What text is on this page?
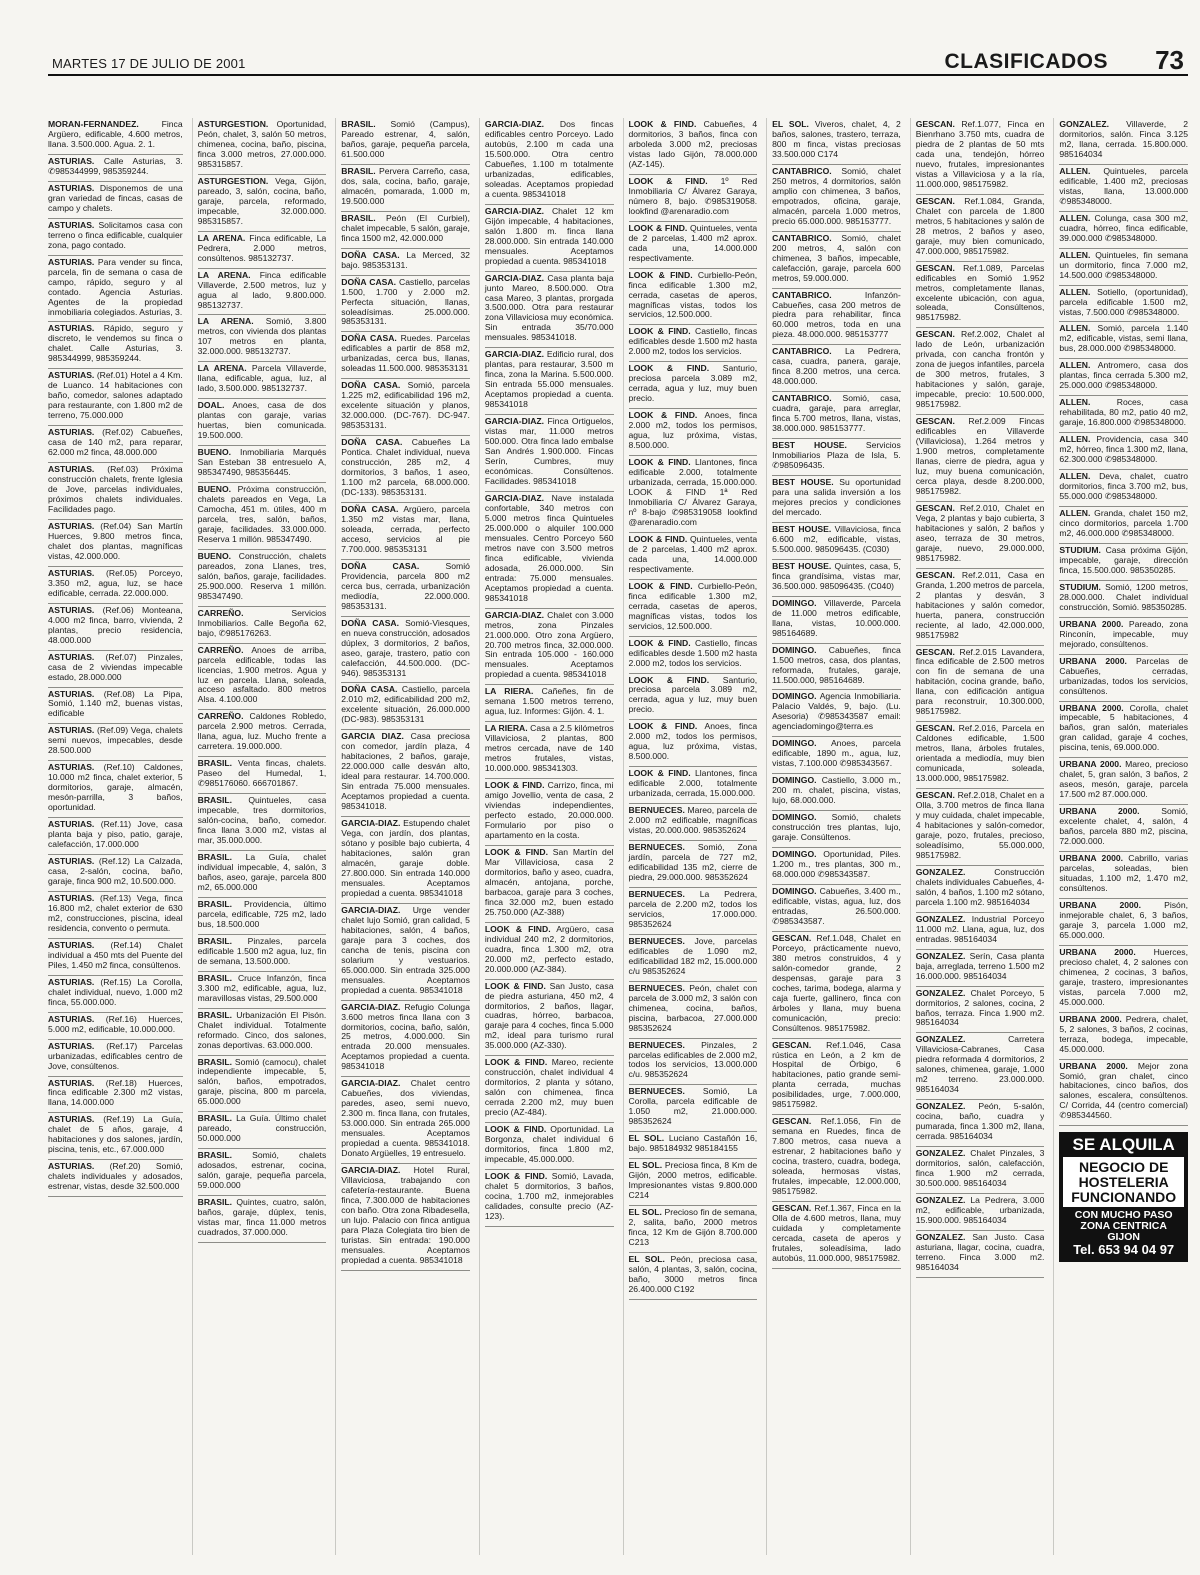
MARTES 17 DE JULIO DE 2001	CLASIFICADOS 73

MORAN-FERNANDEZ.	Finca Argüero, edificable, 4.600 metros, llana. 3.500.000. Agua. 2. 1.

ASTURIAS. Calle Asturias, 3. ✆985344999, 985359244.

ASTURIAS. Disponemos de una gran variedad de fincas, casas de campo y chalets.

ASTURIAS. Solicitamos casa con terreno o finca edificable, cualquier zona, pago contado.

ASTURIAS. Para vender su finca, parcela, fin de semana o casa de campo, rápido, seguro y al contado. Agencia Asturias. Agentes de la propiedad inmobiliaria colegiados. Asturias, 3.

ASTURIAS. Rápido, seguro y discreto, le vendemos su finca o chalet. Calle Asturias, 3. 985344999, 985359244.

ASTURIAS. (Ref.01) Hotel a 4 Km. de Luanco. 14 habitaciones con baño, comedor, salones adaptado para restaurante, con 1.800 m2 de terreno, 75.000.000

ASTURIAS. (Ref.02) Cabueñes, casa de 140 m2, para reparar, 62.000 m2 finca, 48.000.000

ASTURIAS. (Ref.03) Próxima construcción chalets, frente Iglesia de Jove, parcelas individuales, próximos chalets individuales. Facilidades pago.

ASTURIAS. (Ref.04) San Martín Huerces, 9.800 metros finca, chalet dos plantas, magníficas vistas, 42.000.000.

ASTURIAS. (Ref.05) Porceyo, 3.350 m2, agua, luz, se hace edificable, cerrada. 22.000.000.

ASTURIAS. (Ref.06) Monteana, 4.000 m2 finca, barro, vivienda, 2 plantas, precio residencia, 48.000.000

ASTURIAS. (Ref.07) Pinzales, casa de 2 viviendas impecable estado, 28.000.000

ASTURIAS. (Ref.08) La Pipa, Somió, 1.140 m2, buenas vistas, edificable

ASTURIAS. (Ref.09) Vega, chalets semi nuevos, impecables, desde 28.500.000

ASTURIAS. (Ref.10) Caldones, 10.000 m2 finca, chalet exterior, 5 dormitorios, garaje, almacén, mesón-parrilla, 3 baños, oportunidad.

ASTURIAS. (Ref.11) Jove, casa planta baja y piso, patio, garaje, calefacción, 17.000.000

ASTURIAS. (Ref.12) La Calzada, casa, 2-salón, cocina, baño, garaje, finca 900 m2, 10.500.000.

ASTURIAS. (Ref.13) Vega, finca 16.800 m2, chalet exterior de 630 m2, construcciones, piscina, ideal residencia, convento o permuta.

ASTURIAS. (Ref.14) Chalet individual a 450 mts del Puente del Piles, 1.450 m2 finca, consúltenos.

ASTURIAS. (Ref.15) La Corolla, chalet individual, nuevo, 1.000 m2 finca, 55.000.000.

ASTURIAS. (Ref.16) Huerces, 5.000 m2, edificable, 10.000.000.

ASTURIAS. (Ref.17) Parcelas urbanizadas, edificables centro de Jove, consúltenos.

ASTURIAS. (Ref.18) Huerces, finca edificable 2.300 m2 vistas, llana, 14.000.000

ASTURIAS. (Ref.19) La Guía, chalet de 5 años, garaje, 4 habitaciones y dos salones, jardín, piscina, tenis, etc., 67.000.000

ASTURIAS. (Ref.20) Somió, chalets individuales y adosados, estrenar, vistas, desde 32.500.000

ASTURGESTION. Oportunidad, Peón, chalet, 3, salón 50 metros, chimenea, cocina, baño, piscina, finca 3.000 metros, 27.000.000. 985315857.

ASTURGESTION. Vega, Gijón, pareado, 3, salón, cocina, baño, garaje, parcela, reformado, impecable, 32.000.000. 985315857.

LA ARENA. Finca edificable, La Pedrera, 2.000 metros, consúltenos. 985132737.

LA ARENA. Finca edificable Villaverde, 2.500 metros, luz y agua al lado, 9.800.000. 985132737.

LA ARENA. Somió, 3.800 metros, con vivienda dos plantas 107 metros en planta, 32.000.000. 985132737.

LA ARENA. Parcela Villaverde, llana, edificable, agua, luz, al lado, 3.500.000. 985132737.

DOAL. Anoes, casa de dos plantas con garaje, varias huertas, bien comunicada. 19.500.000.

BUENO. Inmobiliaria Marqués San Esteban 38 entresuelo A, 985347490, 985356445.

BUENO. Próxima construcción, chalets pareados en Vega, La Camocha, 451 m. útiles, 400 m parcela, tres, salón, baños, garaje, facilidades. 33.000.000. Reserva 1 millón. 985347490.

BUENO. Construcción, chalets pareados, zona Llanes, tres, salón, baños, garaje, facilidades. 25.900.000. Reserva 1 millón. 985347490.

CARREÑO.	Servicios Inmobiliarios. Calle Begoña 62, bajo, ✆985176263.

CARREÑO. Anoes de arriba, parcela edificable, todas las licencias, 1.900 metros. Agua y luz en parcela. Llana, soleada, acceso asfaltado. 800 metros Alsa. 4.100.000

CARREÑO. Caldones Robledo, parcela 2.900 metros. Cerrada, llana, agua, luz. Mucho frente a carretera. 19.000.000.

BRASIL. Venta fincas, chalets. Paseo del Humedal, 1, ✆985176060. 666701867.

BRASIL. Quintueles, casa impecable, tres dormitorios, salón-cocina, baño, comedor. finca llana 3.000 m2, vistas al mar, 35.000.000.

BRASIL. La Guía, chalet individual impecable, 4, salón, 3 baños, aseo, garaje, parcela 800 m2, 65.000.000

BRASIL. Providencia, último parcela, edificable, 725 m2, lado bus, 18.500.000

BRASIL. Pinzales, parcela edificable 1.500 m2 agua, luz, fin de semana, 13.500.000.

BRASIL. Cruce Infanzón, finca 3.300 m2, edificable, agua, luz, maravillosas vistas, 29.500.000

BRASIL. Urbanización El Pisón. Chalet individual. Totalmente reformado. Cinco, dos salones, zonas deportivas. 63.000.000.

BRASIL. Somió (camocu), chalet independiente impecable, 5, salón, baños, empotrados, garaje, piscina, 800 m parcela, 65.000.000

BRASIL. La Guía. Último chalet pareado, construcción, 50.000.000

BRASIL. Somió, chalets adosados, estrenar, cocina, salón, garaje, pequeña parcela, 59.000.000

BRASIL. Quintes, cuatro, salón, baños, garaje, dúplex, tenis, vistas mar, finca 11.000 metros cuadrados, 37.000.000.

BRASIL. Somió (Campus), Pareado estrenar, 4, salón, baños, garaje, pequeña parcela, 61.500.000

BRASIL. Pervera Carreño, casa, dos, sala, cocina, baño, garaje, almacén, pomarada, 1.000 m, 19.500.000

BRASIL. Peón (El Curbiel), chalet impecable, 5 salón, garaje, finca 1500 m2, 42.000.000

DOÑA CASA. La Merced, 32 bajo. 985353131.

DOÑA CASA. Castiello, parcelas 1.500, 1.700 y 2.000 m2. Perfecta situación, llanas, soleadísimas. 25.000.000. 985353131.

DOÑA CASA. Ruedes. Parcelas edificables a partir de 858 m2, urbanizadas, cerca bus, llanas, soleadas 11.500.000. 985353131

DOÑA CASA. Somió, parcela 1.225 m2, edificabilidad 196 m2, excelente situación y planos, 32.000.000. (DC-767). DC-947. 985353131.

DOÑA CASA. Cabueñes La Pontica. Chalet individual, nueva construcción, 285 m2, 4 dormitorios, 3 baños, 1 aseo, 1.100 m2 parcela, 68.000.000. (DC-133). 985353131.

DOÑA CASA. Argüero, parcela 1.350 m2 vistas mar, llana, soleada, cerrada, perfecto acceso, servicios al pie 7.700.000. 985353131

DOÑA CASA.	Somió Providencia, parcela 800 m2 cerca bus, cerrada, urbanización mediodía, 22.000.000. 985353131.

DOÑA CASA. Somió-Viesques, en nueva construcción, adosados dúplex, 3 dormitorios, 2 baños, aseo, garaje, trastero, patio con calefacción, 44.500.000. (DC-946). 985353131

DOÑA CASA. Castiello, parcela 2.010 m2, edificabilidad 200 m2, excelente situación, 26.000.000 (DC-983). 985353131

GARCIA DIAZ. Casa preciosa con comedor, jardín plaza, 4 habitaciones, 2 baños, garaje, 22.000.000 calle desván alto, ideal para restaurar. 14.700.000. Sin entrada 75.000 mensuales. Aceptamos propiedad a cuenta. 985341018.

GARCIA-DIAZ. Estupendo chalet Vega, con jardín, dos plantas, sótano y posible bajo cubierta, 4 habitaciones, salón gran almacén, garaje doble. 27.800.000. Sin entrada 140.000 mensuales. Aceptamos propiedad a cuenta. 985341018

GARCIA-DIAZ. Urge vender chalet lujo Somió, gran calidad, 5 habitaciones, salón, 4 baños, garaje para 3 coches, dos cancha de tenis, piscina con solarium y vestuarios. 65.000.000. Sin entrada 325.000 mensuales. Aceptamos propiedad a cuenta. 985341018

GARCIA-DIAZ. Refugio Colunga 3.600 metros finca llana con 3 dormitorios, cocina, baño, salón, 25 metros, 4.000.000. Sin entrada 20.000 mensuales. Aceptamos propiedad a cuenta. 985341018

GARCIA-DIAZ. Chalet centro Cabueñes, dos viviendas, paredes, aseo, semi nuevo, 2.300 m. finca llana, con frutales, 53.000.000. Sin entrada 265.000 mensuales. Aceptamos propiedad a cuenta. 985341018. Donato Argüelles, 19 entresuelo.

GARCIA-DIAZ. Hotel Rural, Villaviciosa, trabajando con cafetería-restaurante. Buena finca, 7.300.000 de habitaciones con baño. Otra zona Ribadesella, un lujo. Palacio con finca antigua para Plaza Colegiata tiro bien de turistas. Sin entrada: 190.000 mensuales. Aceptamos propiedad a cuenta. 985341018

GARCIA-DIAZ. Dos fincas edificables centro Porceyo. Lado autobús, 2.100 m cada una 15.500.000. Otra centro Cabueñes, 1.100 m totalmente urbanizadas, edificables, soleadas. Aceptamos propiedad a cuenta. 985341018

GARCIA-DIAZ. Chalet 12 km Gijón impecable, 4 habitaciones, salón 1.800 m. finca llana 28.000.000. Sin entrada 140.000 mensuales. Aceptamos propiedad a cuenta. 985341018

GARCIA-DIAZ. Casa planta baja junto Mareo, 8.500.000. Otra casa Mareo, 3 plantas, prorgada 3.500.000. Otra para restaurar zona Villaviciosa muy económica. Sin entrada 35/70.000 mensuales. 985341018.

GARCIA-DIAZ. Edificio rural, dos plantas, para restaurar, 3.500 m finca, zona la Marina. 5.500.000. Sin entrada 55.000 mensuales. Aceptamos propiedad a cuenta. 985341018

GARCIA-DIAZ. Finca Ortiguelos, vistas mar, 11.000 metros 500.000. Otra finca lado embalse San Andrés 1.900.000. Fincas Serín, Cumbres, muy económicas. Consúltenos. Facilidades. 985341018

GARCIA-DIAZ. Nave instalada confortable, 340 metros con 5.000 metros finca Quintueles 25.000.000 o alquiler 100.000 mensuales. Centro Porceyo 560 metros nave con 3.500 metros finca edificable, vivienda adosada, 26.000.000. Sin entrada: 75.000 mensuales. Aceptamos propiedad a cuenta. 985341018

GARCIA-DIAZ. Chalet con 3.000 metros, zona Pinzales 21.000.000. Otro zona Argüero, 20.700 metros finca, 32.000.000. Sin entrada 105.000 - 160.000 mensuales. Aceptamos propiedad a cuenta. 985341018

LA RIERA. Cañeñes, fin de semana 1.500 metros terreno, agua, luz. Informes: Gijón. 4. 1.

LA RIERA. Casa a 2.5 kilómetros Villaviciosa, 2 plantas, 800 metros cercada, nave de 140 metros frutales, vistas, 10.000.000. 985341303.

LOOK & FIND. Carrizo, finca, mi amigo Jovellio, venta de casa, 2 viviendas independientes, perfecto estado, 20.000.000. Formulario por piso o apartamento en la costa.

LOOK & FIND. San Martín del Mar Villaviciosa, casa 2 dormitorios, baño y aseo, cuadra, almacén, antojana, porche, barbacoa, garaje para 3 coches, finca 32.000 m2, buen estado 25.750.000 (AZ-388)

LOOK & FIND. Argüero, casa individual 240 m2, 2 dormitorios, cuadra, finca 1.300 m2, otra 20.000 m2, perfecto estado, 20.000.000 (AZ-384).

LOOK & FIND. San Justo, casa de piedra asturiana, 450 m2, 4 dormitorios, 2 baños, llagar, cuadras, hórreo, barbacoa, garaje para 4 coches, finca 5.000 m2, ideal para turismo rural 35.000.000 (AZ-330).

LOOK & FIND. Mareo, reciente construcción, chalet individual 4 dormitorios, 2 planta y sótano, salón con chimenea, finca cerrada 2.200 m2, muy buen precio (AZ-484).

LOOK & FIND. Oportunidad. La Borgonza, chalet individual 6 dormitorios, finca 1.800 m2, impecable, 45.000.000.

LOOK & FIND. Somió, Lavada, chalet 5 dormitorios, 3 baños, cocina, 1.700 m2, inmejorables calidades, consulte precio (AZ-123).

LOOK & FIND. Cabueñes, 4 dormitorios, 3 baños, finca con arboleda 3.000 m2, preciosas vistas lado Gijón, 78.000.000 (AZ-145).

LOOK & FIND. 1º Red Inmobiliaria C/ Álvarez Garaya, número 8, bajo. ✆985319058. lookfind @arenaradio.com

LOOK & FIND. Quintueles, venta de 2 parcelas, 1.400 m2 aprox. cada una, 14.000.000 respectivamente.

LOOK & FIND. Curbiello-Peón, finca edificable 1.300 m2, cerrada, casetas de aperos, magníficas vistas, todos los servicios, 12.500.000.

LOOK & FIND. Castiello, fincas edificables desde 1.500 m2 hasta 2.000 m2, todos los servicios.

LOOK & FIND. Santurio, preciosa parcela 3.089 m2, cerrada, agua y luz, muy buen precio.

LOOK & FIND. Anoes, finca 2.000 m2, todos los permisos, agua, luz próxima, vistas, 8.500.000.

LOOK & FIND. Llantones, finca edificable 2.000, totalmente urbanizada, cerrada, 15.000.000. LOOK & FIND 1ª Red Inmobiliaria C/ Álvarez Garaya, nº 8-bajo ✆985319058 lookfind @arenaradio.com

LOOK & FIND. Quintueles, venta de 2 parcelas, 1.400 m2 aprox. cada una, 14.000.000 respectivamente.

LOOK & FIND. Curbiello-Peón, finca edificable 1.300 m2, cerrada, casetas de aperos, magníficas vistas, todos los servicios, 12.500.000.

LOOK & FIND. Castiello, fincas edificables desde 1.500 m2 hasta 2.000 m2, todos los servicios.

LOOK & FIND. Santurio, preciosa parcela 3.089 m2, cerrada, agua y luz, muy buen precio.

LOOK & FIND. Anoes, finca 2.000 m2, todos los permisos, agua, luz próxima, vistas, 8.500.000.

LOOK & FIND. Llantones, finca edificable 2.000, totalmente urbanizada, cerrada, 15.000.000.

BERNUECES. Mareo, parcela de 2.000 m2 edificable, magníficas vistas, 20.000.000. 985352624

BERNUECES. Somió, Zona jardín, parcela de 727 m2, edificabilidad 135 m2, cierre de piedra, 29.000.000. 985352624

BERNUECES. La Pedrera, parcela de 2.200 m2, todos los servicios, 17.000.000. 985352624

BERNUECES. Jove, parcelas edificables de 1.090 m2, edificabilidad 182 m2, 15.000.000 c/u 985352624

BERNUECES. Peón, chalet con parcela de 3.000 m2, 3 salón con chimenea, cocina, baños, piscina, barbacoa, 27.000.000 985352624

BERNUECES. Pinzales, 2 parcelas edificables de 2.000 m2, todos los servicios, 13.000.000 c/u. 985352624

BERNUECES. Somió, La Corolla, parcela edificable de 1.050 m2, 21.000.000. 985352624

EL SOL. Luciano Castañón 16, bajo. 985184932 985184155

EL SOL. Preciosa finca, 8 Km de Gijón, 2000 metros, edificable. Impresionantes vistas 9.800.000 C214

EL SOL. Precioso fin de semana, 2, salita, baño, 2000 metros finca, 12 Km de Gijón 8.700.000 C213

EL SOL. Peón, preciosa casa, salón, 4 plantas, 3, salón, cocina, baño, 3000 metros finca 26.400.000 C192

EL SOL. Viveros, chalet, 4, 2 baños, salones, trastero, terraza, 800 m finca, vistas preciosas 33.500.000 C174

CANTABRICO. Somió, chalet 250 metros, 4 dormitorios, salón amplio con chimenea, 3 baños, empotrados, oficina, garaje, almacén, parcela 1.000 metros, precio 65.000.000. 985153777.

CANTABRICO. Somió, chalet 200 metros, 4, salón con chimenea, 3 baños, impecable, calefacción, garaje, parcela 600 metros, 59.000.000.

CANTABRICO.	Infanzón-Cabueñes, casa 200 metros de piedra para rehabilitar, finca 60.000 metros, toda en una pieza. 48.000.000. 985153777

CANTABRICO. La Pedrera, casa, cuadra, panera, garaje, finca 8.200 metros, una cerca. 48.000.000.

CANTABRICO. Somió, casa, cuadra, garaje, para arreglar, finca 5.700 metros, llana, vistas, 38.000.000. 985153777.

BEST HOUSE. Servicios Inmobiliarios Plaza de Isla, 5. ✆985096435.

BEST HOUSE. Su oportunidad para una salida inversión a los mejores precios y condiciones del mercado.

BEST HOUSE. Villaviciosa, finca 6.600 m2, edificable, vistas, 5.500.000. 985096435. (C030)

BEST HOUSE. Quintes, casa, 5, finca grandísima, vistas mar, 36.500.000. 985096435. (C040)

DOMINGO. Villaverde, Parcela de 11.000 metros edificable, llana, vistas, 10.000.000. 985164689.

DOMINGO. Cabueñes, finca 1.500 metros, casa, dos plantas, reformada, frutales, garaje, 11.500.000, 985164689.

DOMINGO. Agencia Inmobiliaria. Palacio Valdés, 9, bajo. (Lu. Asesoria) ✆985343587 email: agenciadomingo@terra.es

DOMINGO. Anoes, parcela edificable, 1890 m., agua, luz, vistas, 7.100.000 ✆985343567.

DOMINGO. Castiello, 3.000 m., 200 m. chalet, piscina, vistas, lujo, 68.000.000.

DOMINGO. Somió, chalets construcción tres plantas, lujo, garaje. Consúltenos.

DOMINGO. Oportunidad, Piles. 1.200 m., tres plantas, 300 m., 68.000.000 ✆985343587.

DOMINGO. Cabueñes, 3.400 m., edificable, vistas, agua, luz, dos entradas, 26.500.000. ✆985343587.

GESCAN. Ref.1.048, Chalet en Porceyo, prácticamente nuevo, 380 metros construidos, 4 y salón-comedor grande, 2 despensas, garaje para 3 coches, tarima, bodega, alarma y caja fuerte, gallinero, finca con árboles y llana, muy buena comunicación, precio: Consúltenos. 985175982.

GESCAN. Ref.1.046, Casa rústica en León, a 2 km de Hospital de Órbigo, 6 habitaciones, patio grande semi-planta cerrada, muchas posibilidades, urge, 7.000.000, 985175982.

GESCAN. Ref.1.056, Fin de semana en Ruedes, finca de 7.800 metros, casa nueva a estrenar, 2 habitaciones baño y cocina, trastero, cuadra, bodega, soleada, hermosas vistas, frutales, impecable, 12.000.000, 985175982.

GESCAN. Ref.1.367, Finca en la Olla de 4.600 metros, llana, muy cuidada y completamente cercada, caseta de aperos y frutales, soleadísima, lado autobús, 11.000.000, 985175982.

GESCAN. Ref.1.077, Finca en Bienrhano 3.750 mts, cuadra de piedra de 2 plantas de 50 mts cada una, tendejón, hórreo nuevo, frutales, impresionantes vistas a Villaviciosa y a la ría, 11.000.000, 985175982.

GESCAN. Ref.1.084, Granda, Chalet con parcela de 1.800 metros, 5 habitaciones y salón de 28 metros, 2 baños y aseo, garaje, muy bien comunicado, 47.000.000, 985175982.

GESCAN. Ref.1.089, Parcelas edificables en Somió 1.952 metros, completamente llanas, excelente ubicación, con agua, soleada, Consúltenos, 985175982.

GESCAN. Ref.2.002, Chalet al lado de León, urbanización privada, con cancha frontón y zona de juegos infantiles, parcela de 300 metros, frutales, 3 habitaciones y salón, garaje, impecable, precio: 10.500.000, 985175982.

GESCAN. Ref.2.009 Fincas edificables en Villaverde (Villaviciosa), 1.264 metros y 1.900 metros, completamente llanas, cierre de piedra, agua y luz, muy buena comunicación, cerca playa, desde 8.200.000, 985175982.

GESCAN. Ref.2.010, Chalet en Vega, 2 plantas y bajo cubierta, 3 habitaciones y salón, 2 baños y aseo, terraza de 30 metros, garaje, nuevo, 29.000.000, 985175982.

GESCAN. Ref.2.011, Casa en Granda, 1.200 metros de parcela, 2 plantas y desván, 3 habitaciones y salón comedor, huerta, panera, construcción reciente, al lado, 42.000.000, 985175982

GESCAN. Ref.2.015 Lavandera, finca edificable de 2.500 metros con fin de semana de una habitación, cocina grande, baño, llana, con edificación antigua para reconstruir, 10.300.000, 985175982.

GESCAN. Ref.2.016, Parcela en Caldones edificable, 1.500 metros, llana, árboles frutales, orientada a mediodía, muy bien comunicada, soleada, 13.000.000, 985175982.

GESCAN. Ref.2.018, Chalet en a Olla, 3.700 metros de finca llana y muy cuidada, chalet impecable, 4 habitaciones y salón-comedor, garaje, pozo, frutales, precioso, soleadísimo, 55.000.000, 985175982.

GONZALEZ.	Construcción chalets individuales Cabueñes, 4-salón, 4 baños, 1.100 m2 sótano, parcela 1.100 m2. 985164034

GONZALEZ. Industrial Porceyo 11.000 m2. Llana, agua, luz, dos entradas. 985164034

GONZALEZ. Serín, Casa planta baja, arreglada, terreno 1.500 m2 16.000.000. 985164034

GONZALEZ. Chalet Porceyo, 5 dormitorios, 2 salones, cocina, 2 baños, terraza. Finca 1.900 m2. 985164034

GONZALEZ.	Carretera Villaviciosa-Cabranes, Casa piedra reformada 4 dormitorios, 2 salones, chimenea, garaje, 1.000 m2 terreno. 23.000.000. 985164034

GONZALEZ. Peón, 5-salón, cocina, baño, cuadra y pumarada, finca 1.300 m2, llana, cerrada. 985164034

GONZALEZ. Chalet Pinzales, 3 dormitorios, salón, calefacción, finca 1.900 m2 cerrada, 30.500.000. 985164034

GONZALEZ. La Pedrera, 3.000 m2, edificable, urbanizada, 15.900.000. 985164034

GONZALEZ. San Justo. Casa asturiana, llagar, cocina, cuadra, terreno. Finca 3.000 m2. 985164034

GONZALEZ. Villaverde, 2 dormitorios, salón. Finca 3.125 m2, llana, cerrada. 15.800.000. 985164034

ALLEN. Quintueles, parcela edificable, 1.400 m2, preciosas vistas, llana, 13.000.000 ✆985348000.

ALLEN. Colunga, casa 300 m2, cuadra, hórreo, finca edificable, 39.000.000 ✆985348000.

ALLEN. Quintueles, fin semana un dormitorio, finca 7.000 m2, 14.500.000 ✆985348000.

ALLEN. Sotiello, (oportunidad), parcela edificable 1.500 m2, vistas, 7.500.000 ✆985348000.

ALLEN. Somió, parcela 1.140 m2, edificable, vistas, semi llana, bus, 28.000.000 ✆985348000.

ALLEN. Antromero, casa dos plantas, finca cerrada 5.300 m2, 25.000.000 ✆985348000.

ALLEN.	Roces, casa rehabilitada, 80 m2, patio 40 m2, garaje, 16.800.000 ✆985348000.

ALLEN. Providencia, casa 340 m2, hórreo, finca 1.300 m2, llana, 62.300.000 ✆985348000.

ALLEN. Deva, chalet, cuatro dormitorios, finca 3.700 m2, bus, 55.000.000 ✆985348000.

ALLEN. Granda, chalet 150 m2, cinco dormitorios, parcela 1.700 m2, 46.000.000 ✆985348000.

STUDIUM. Casa próxima Gijón, impecable, garaje, dirección finca, 15.500.000. 985350285.

STUDIUM. Somió, 1200 metros, 28.000.000. Chalet individual construcción, Somió. 985350285.

URBANA 2000. Pareado, zona Rinconín, impecable, muy mejorado, consúltenos.

URBANA 2000. Parcelas de Cabueñes, cerradas, urbanizadas, todos los servicios, consúltenos.

URBANA 2000. Corolla, chalet impecable, 5 habitaciones, 4 baños, gran salón, materiales gran calidad, garaje 4 coches, piscina, tenis, 69.000.000.

URBANA 2000. Mareo, precioso chalet, 5, gran salón, 3 baños, 2 aseos, mesón, garaje, parcela 17.500 m2 87.000.000.

URBANA 2000.	Somió, excelente chalet, 4, salón, 4 baños, parcela 880 m2, piscina, 72.000.000.

URBANA 2000. Cabrillo, varias parcelas, soleadas, bien situadas, 1.100 m2, 1.470 m2, consúltenos.

URBANA 2000.	Pisón, inmejorable chalet, 6, 3 baños, garaje 3, parcela 1.000 m2, 65.000.000.

URBANA 2000. Huerces, precioso chalet, 4, 2 salones con chimenea, 2 cocinas, 3 baños, garaje, trastero, impresionantes vistas, parcela 7.000 m2, 45.000.000.

URBANA 2000. Pedrera, chalet, 5, 2 salones, 3 baños, 2 cocinas, terraza, bodega, impecable, 45.000.000.

URBANA 2000. Mejor zona Somió, gran chalet, cinco habitaciones, cinco baños, dos salones, escalera, consúltenos. C/ Corrida, 44 (centro comercial) ✆985344560.

SE ALQUILA
NEGOCIO DE
HOSTELERIA
FUNCIONANDO
CON MUCHO PASO
ZONA CENTRICA
GIJON
Tel. 653 94 04 97
